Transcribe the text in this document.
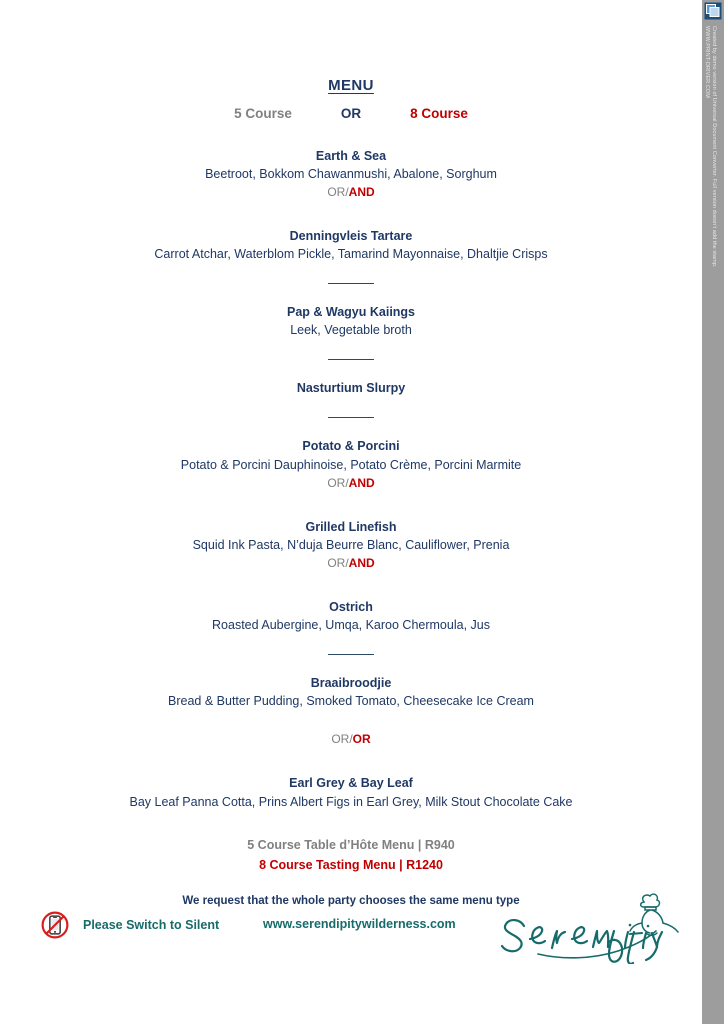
MENU
5 Course	OR	8 Course
Earth & Sea
Beetroot, Bokkom Chawanmushi, Abalone, Sorghum
OR/AND
Denningvleis Tartare
Carrot Atchar, Waterblom Pickle, Tamarind Mayonnaise, Dhaltjie Crisps
Pap & Wagyu Kaiings
Leek, Vegetable broth
Nasturtium Slurpy
Potato & Porcini
Potato & Porcini Dauphinoise, Potato Crème, Porcini Marmite
OR/AND
Grilled Linefish
Squid Ink Pasta, N’duja Beurre Blanc, Cauliflower, Prenia
OR/AND
Ostrich
Roasted Aubergine, Umqa, Karoo Chermoula, Jus
Braaibroodjie
Bread & Butter Pudding, Smoked Tomato, Cheesecake Ice Cream
OR/OR
Earl Grey & Bay Leaf
Bay Leaf Panna Cotta, Prins Albert Figs in Earl Grey, Milk Stout Chocolate Cake
5 Course Table d’Hôte Menu | R940
8 Course Tasting Menu | R1240
We request that the whole party chooses the same menu type
Please Switch to Silent	www.serendipitywilderness.com
Created by demo version of Universal Document Converter. Full version doesn’t add the stamp.
WWW.PRINT-DRIVER.COM
